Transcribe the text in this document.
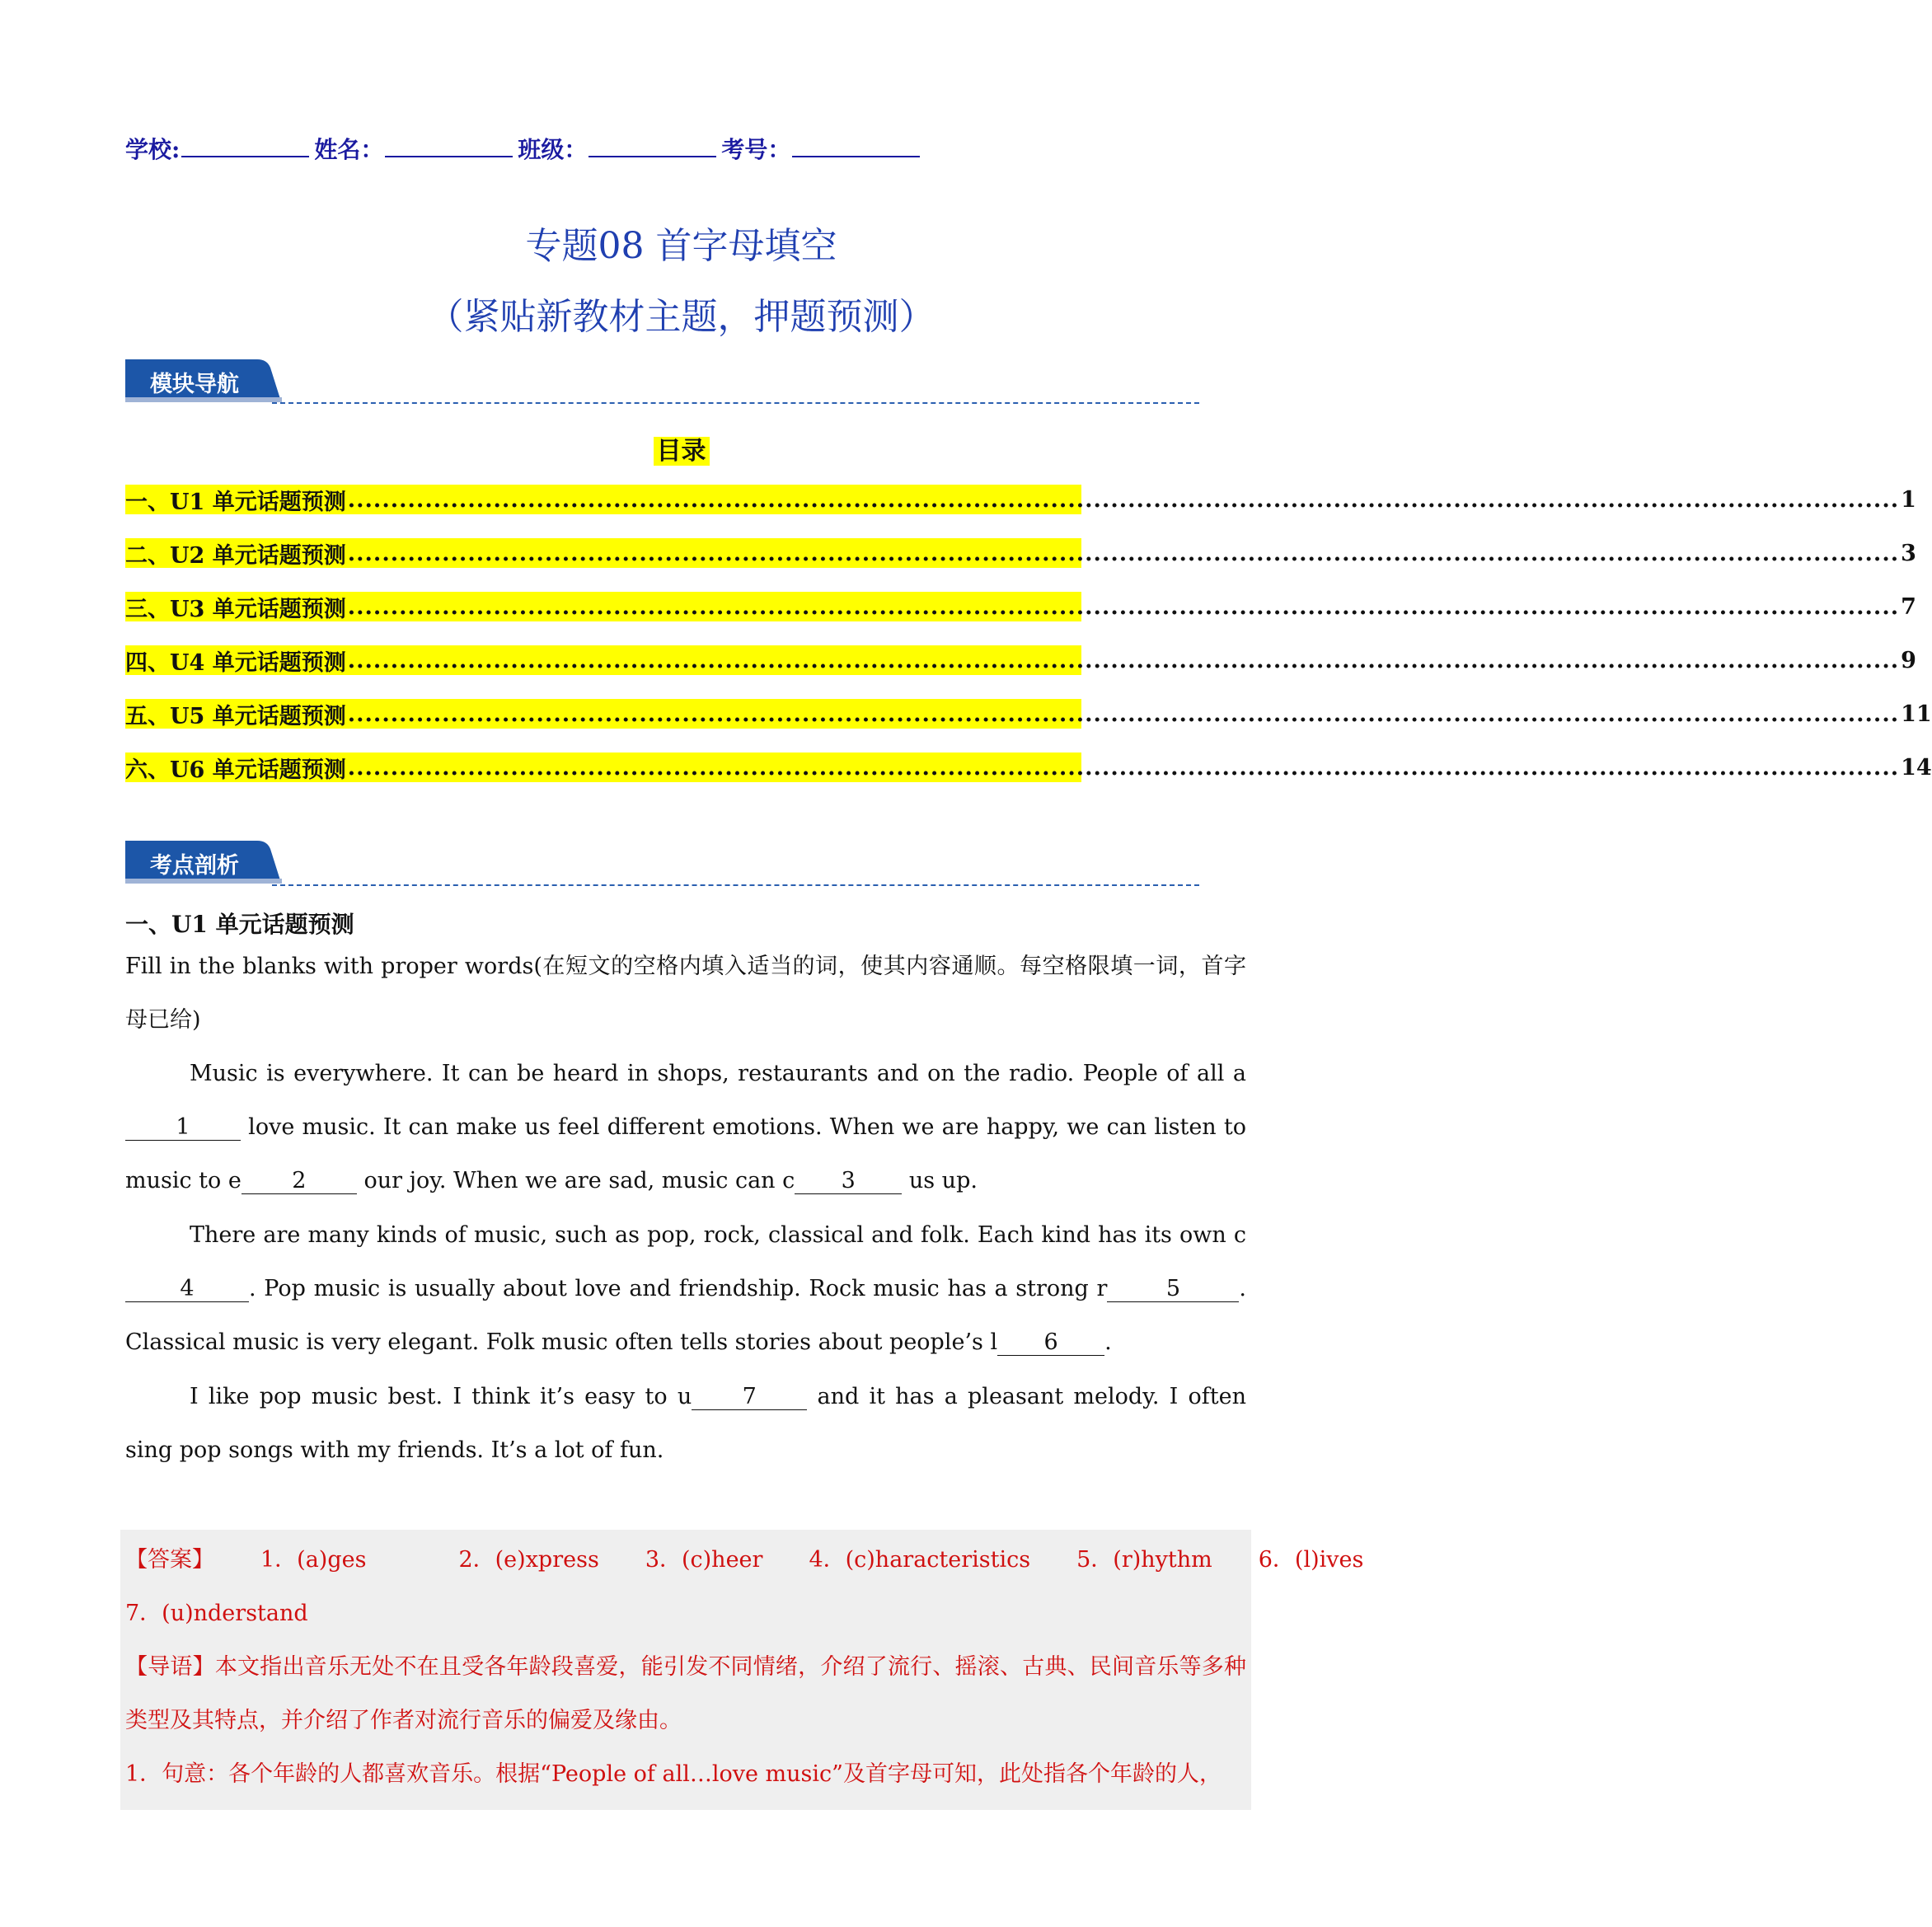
学校:	姓名：	班级：	考号：
专题08 首字母填空
（紧贴新教材主题，押题预测）
模块导航
目录
一、U1 单元话题预测 ..................................................................................................................................................................................... 1
二、U2 单元话题预测 ..................................................................................................................................................................................... 3
三、U3 单元话题预测 ..................................................................................................................................................................................... 7
四、U4 单元话题预测 ..................................................................................................................................................................................... 9
五、U5 单元话题预测 ..................................................................................................................................................................................... 11
六、U6 单元话题预测 ..................................................................................................................................................................................... 14
考点剖析
一、U1 单元话题预测
Fill in the blanks with proper words(在短文的空格内填入适当的词，使其内容通顺。每空格限填一词，首字母已给)
Music is everywhere. It can be heard in shops, restaurants and on the radio. People of all a1 love music. It can make us feel different emotions. When we are happy, we can listen to music to e 2 our joy. When we are sad, music can c 3 us up.
There are many kinds of music, such as pop, rock, classical and folk. Each kind has its own c4 . Pop music is usually about love and friendship. Rock music has a strong r	5	. Classical music is very elegant. Folk music often tells stories about people’s l 6 .
I like pop music best. I think it’s easy to u 7 and it has a pleasant melody. I often sing pop songs with my friends. It’s a lot of fun.
【答案】 1．(a)ges	2．(e)xpress 3．(c)heer 4．(c)haracteristics 5．(r)hythm 6．(l)ives
7．(u)nderstand
【导语】本文指出音乐无处不在且受各年龄段喜爱，能引发不同情绪，介绍了流行、摇滚、古典、民间音乐等多种类型及其特点，并介绍了作者对流行音乐的偏爱及缘由。
1．句意：各个年龄的人都喜欢音乐。根据“People of all…love music”及首字母可知，此处指各个年龄的人，
